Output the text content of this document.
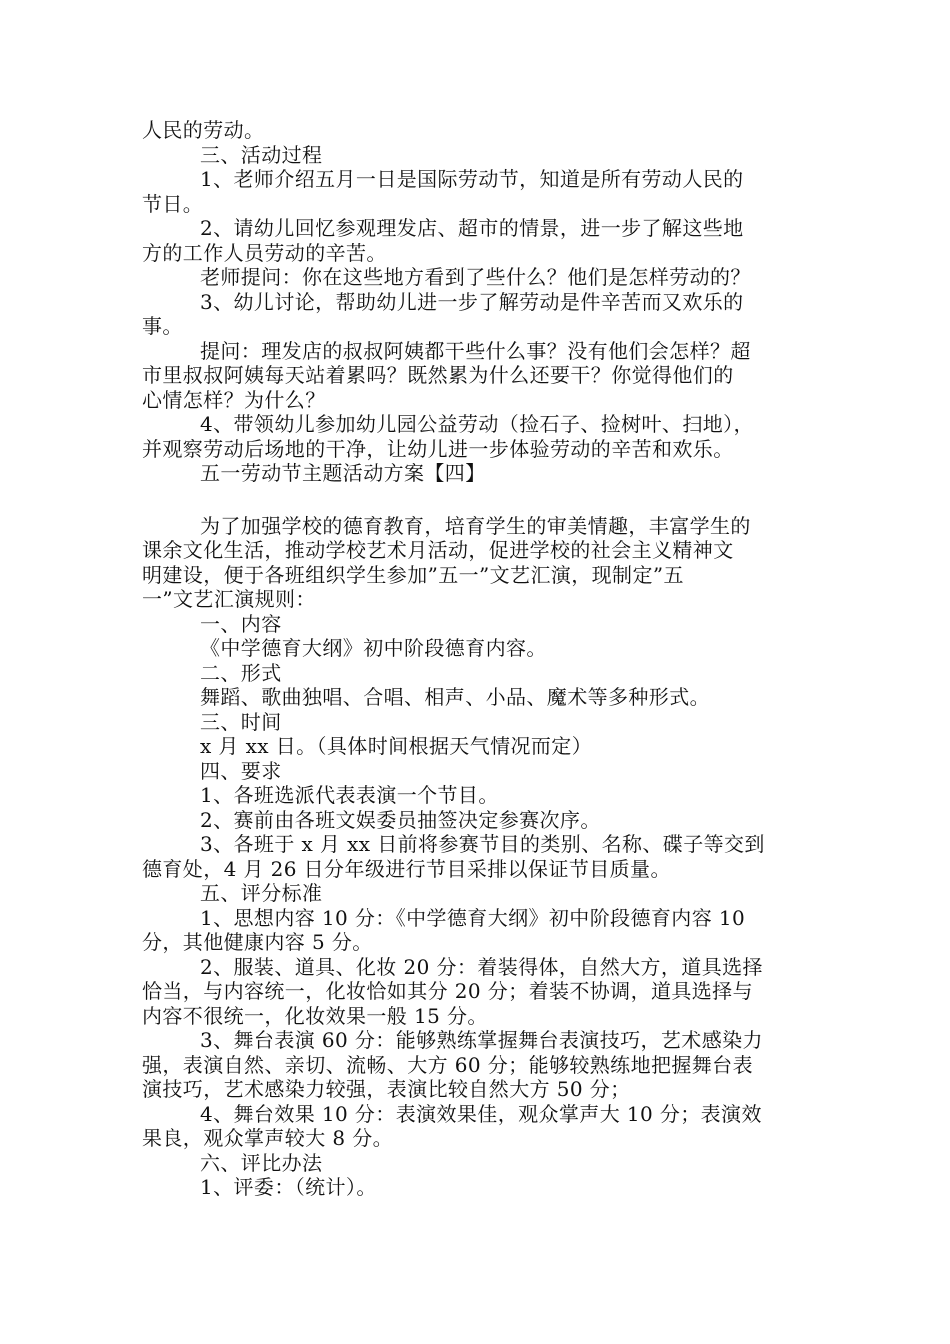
人民的劳动。
三、活动过程
1、老师介绍五月一日是国际劳动节，知道是所有劳动人民的
节日。
2、请幼儿回忆参观理发店、超市的情景，进一步了解这些地
方的工作人员劳动的辛苦。
老师提问：你在这些地方看到了些什么？他们是怎样劳动的？
3、幼儿讨论，帮助幼儿进一步了解劳动是件辛苦而又欢乐的
事。
提问：理发店的叔叔阿姨都干些什么事？没有他们会怎样？超
市里叔叔阿姨每天站着累吗？既然累为什么还要干？你觉得他们的
心情怎样？为什么？
4、带领幼儿参加幼儿园公益劳动（捡石子、捡树叶、扫地），
并观察劳动后场地的干净，让幼儿进一步体验劳动的辛苦和欢乐。
五一劳动节主题活动方案【四】
为了加强学校的德育教育，培育学生的审美情趣，丰富学生的
课余文化生活，推动学校艺术月活动，促进学校的社会主义精神文
明建设，便于各班组织学生参加”五一”文艺汇演，现制定”五
一”文艺汇演规则：
一、内容
《中学德育大纲》初中阶段德育内容。
二、形式
舞蹈、歌曲独唱、合唱、相声、小品、魔术等多种形式。
三、时间
x 月 xx 日。（具体时间根据天气情况而定）
四、要求
1、各班选派代表表演一个节目。
2、赛前由各班文娱委员抽签决定参赛次序。
3、各班于 x 月 xx 日前将参赛节目的类别、名称、碟子等交到
德育处，4 月 26 日分年级进行节目采排以保证节目质量。
五、评分标准
1、思想内容 10 分：《中学德育大纲》初中阶段德育内容 10
分，其他健康内容 5 分。
2、服装、道具、化妆 20 分：着装得体，自然大方，道具选择
恰当，与内容统一，化妆恰如其分 20 分；着装不协调，道具选择与
内容不很统一，化妆效果一般 15 分。
3、舞台表演 60 分：能够熟练掌握舞台表演技巧，艺术感染力
强，表演自然、亲切、流畅、大方 60 分；能够较熟练地把握舞台表
演技巧，艺术感染力较强，表演比较自然大方 50 分；
4、舞台效果 10 分：表演效果佳，观众掌声大 10 分；表演效
果良，观众掌声较大 8 分。
六、评比办法
1、评委：（统计）。
